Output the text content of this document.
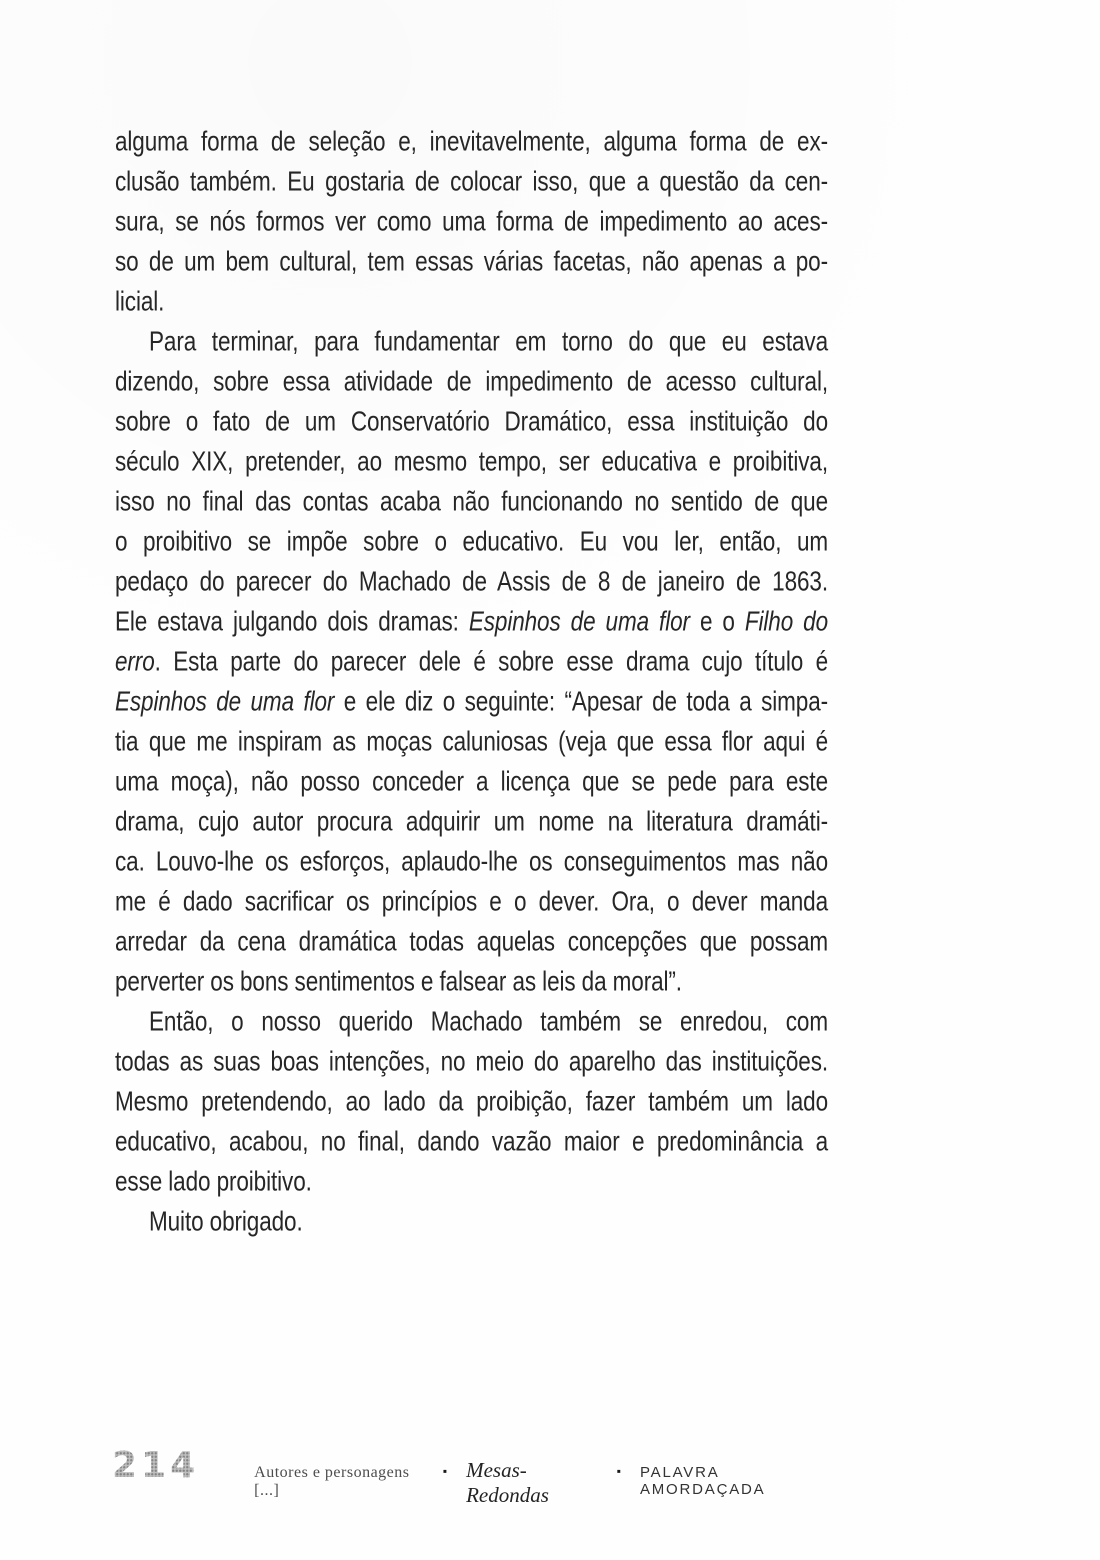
alguma forma de seleção e, inevitavelmente, alguma forma de ex-
clusão também. Eu gostaria de colocar isso, que a questão da cen-
sura, se nós formos ver como uma forma de impedimento ao aces-
so de um bem cultural, tem essas várias facetas, não apenas a po-
licial.
Para terminar, para fundamentar em torno do que eu estava
dizendo, sobre essa atividade de impedimento de acesso cultural,
sobre o fato de um Conservatório Dramático, essa instituição do
século XIX, pretender, ao mesmo tempo, ser educativa e proibitiva,
isso no final das contas acaba não funcionando no sentido de que
o proibitivo se impõe sobre o educativo. Eu vou ler, então, um
pedaço do parecer do Machado de Assis de 8 de janeiro de 1863.
Ele estava julgando dois dramas: Espinhos de uma flor e o Filho do
erro. Esta parte do parecer dele é sobre esse drama cujo título é
Espinhos de uma flor e ele diz o seguinte: “Apesar de toda a simpa-
tia que me inspiram as moças caluniosas (veja que essa flor aqui é
uma moça), não posso conceder a licença que se pede para este
drama, cujo autor procura adquirir um nome na literatura dramáti-
ca. Louvo-lhe os esforços, aplaudo-lhe os conseguimentos mas não
me é dado sacrificar os princípios e o dever. Ora, o dever manda
arredar da cena dramática todas aquelas concepções que possam
perverter os bons sentimentos e falsear as leis da moral”.
Então, o nosso querido Machado também se enredou, com
todas as suas boas intenções, no meio do aparelho das instituições.
Mesmo pretendendo, ao lado da proibição, fazer também um lado
educativo, acabou, no final, dando vazão maior e predominância a
esse lado proibitivo.
Muito obrigado.
214	Autores e personagens [...]
▪ Mesas-Redondas
▪ PALAVRA AMORDAÇADA
